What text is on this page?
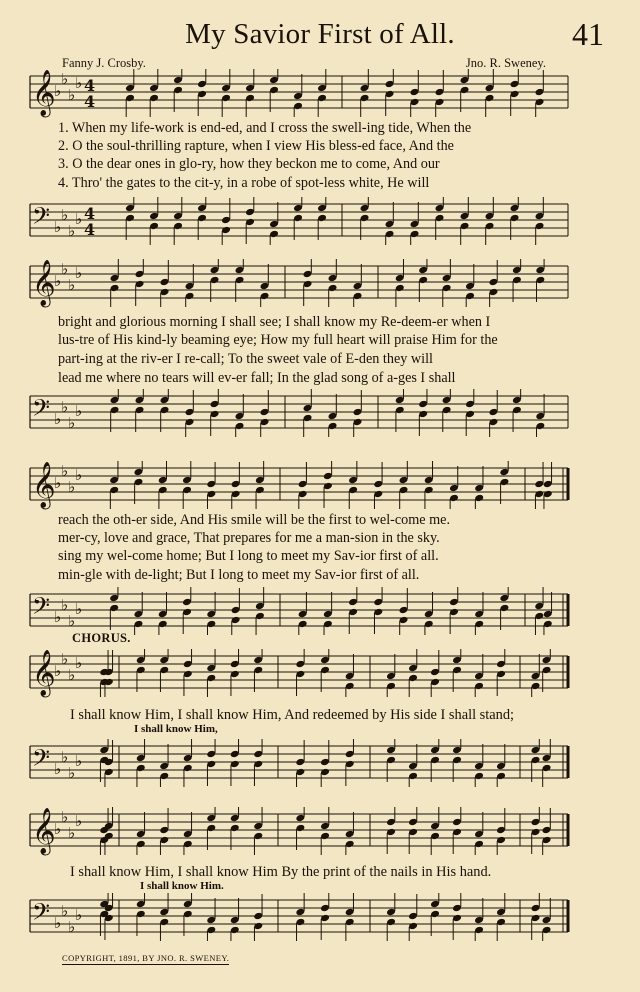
My Savior First of All.	41
Fanny J. Crosby.	Jno. R. Sweney.
𝄞
♭
♭
♭
♭ 4
4
𝄢 ♭
♭
♭
♭ 4
4
1. When my life-work is end-ed, and I cross the swell-ing tide, When the
2. O the soul-thrilling rapture, when I view His bless-ed face, And the
3. O the dear ones in glo-ry, how they beckon me to come, And our
4. Thro' the gates to the cit-y, in a robe of spot-less white, He will
𝄞
♭
♭
♭
♭
𝄢 ♭
♭
♭
♭
bright and glorious morning I shall see; I shall know my Re-deem-er when I
lus-tre of His kind-ly beaming eye; How my full heart will praise Him for the
part-ing at the riv-er I re-call; To the sweet vale of E-den they will
lead me where no tears will ev-er fall; In the glad song of a-ges I shall
𝄞
♭
♭
♭
♭
𝄢 ♭
♭
♭
♭
reach the oth-er side, And His smile will be the first to wel-come me.
mer-cy, love and grace, That prepares for me a man-sion in the sky.
sing my wel-come home; But I long to meet my Sav-ior first of all.
min-gle with de-light; But I long to meet my Sav-ior first of all.
CHORUS.
𝄞
♭
♭
♭
♭
I shall know Him, I shall know Him, And redeemed by His side I shall stand;
I shall know Him,
𝄢 ♭
♭
♭
♭
𝄞
♭
♭
♭
♭
I shall know Him, I shall know Him By the print of the nails in His hand.
I shall know Him.
𝄢 ♭
♭
♭
♭
COPYRIGHT, 1891, BY JNO. R. SWENEY.
